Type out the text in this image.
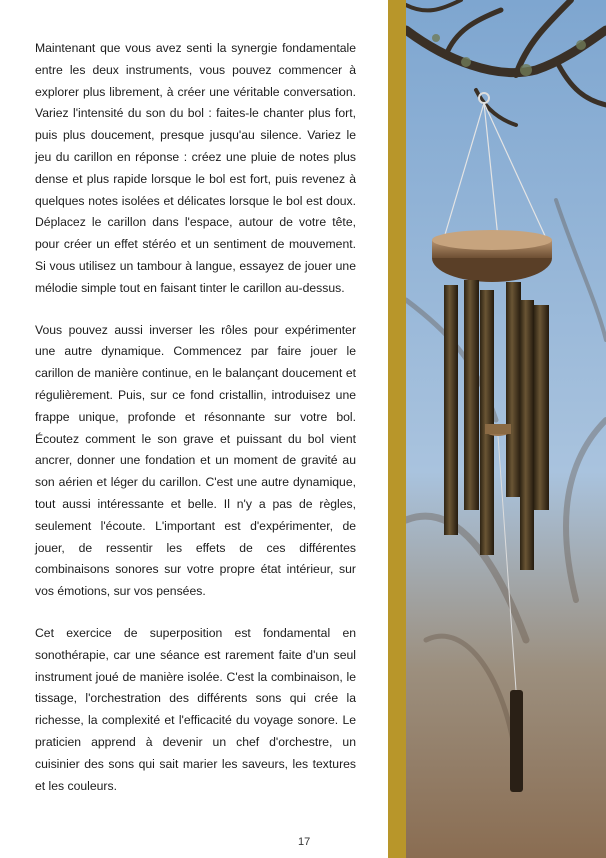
Maintenant que vous avez senti la synergie fondamentale entre les deux instruments, vous pouvez commencer à explorer plus librement, à créer une véritable conversation. Variez l'intensité du son du bol : faites-le chanter plus fort, puis plus doucement, presque jusqu'au silence. Variez le jeu du carillon en réponse : créez une pluie de notes plus dense et plus rapide lorsque le bol est fort, puis revenez à quelques notes isolées et délicates lorsque le bol est doux. Déplacez le carillon dans l'espace, autour de votre tête, pour créer un effet stéréo et un sentiment de mouvement. Si vous utilisez un tambour à langue, essayez de jouer une mélodie simple tout en faisant tinter le carillon au-dessus.

Vous pouvez aussi inverser les rôles pour expérimenter une autre dynamique. Commencez par faire jouer le carillon de manière continue, en le balançant doucement et régulièrement. Puis, sur ce fond cristallin, introduisez une frappe unique, profonde et résonnante sur votre bol. Écoutez comment le son grave et puissant du bol vient ancrer, donner une fondation et un moment de gravité au son aérien et léger du carillon. C'est une autre dynamique, tout aussi intéressante et belle. Il n'y a pas de règles, seulement l'écoute. L'important est d'expérimenter, de jouer, de ressentir les effets de ces différentes combinaisons sonores sur votre propre état intérieur, sur vos émotions, sur vos pensées.

Cet exercice de superposition est fondamental en sonothérapie, car une séance est rarement faite d'un seul instrument joué de manière isolée. C'est la combinaison, le tissage, l'orchestration des différents sons qui crée la richesse, la complexité et l'efficacité du voyage sonore. Le praticien apprend à devenir un chef d'orchestre, un cuisinier des sons qui sait marier les saveurs, les textures et les couleurs.

17
